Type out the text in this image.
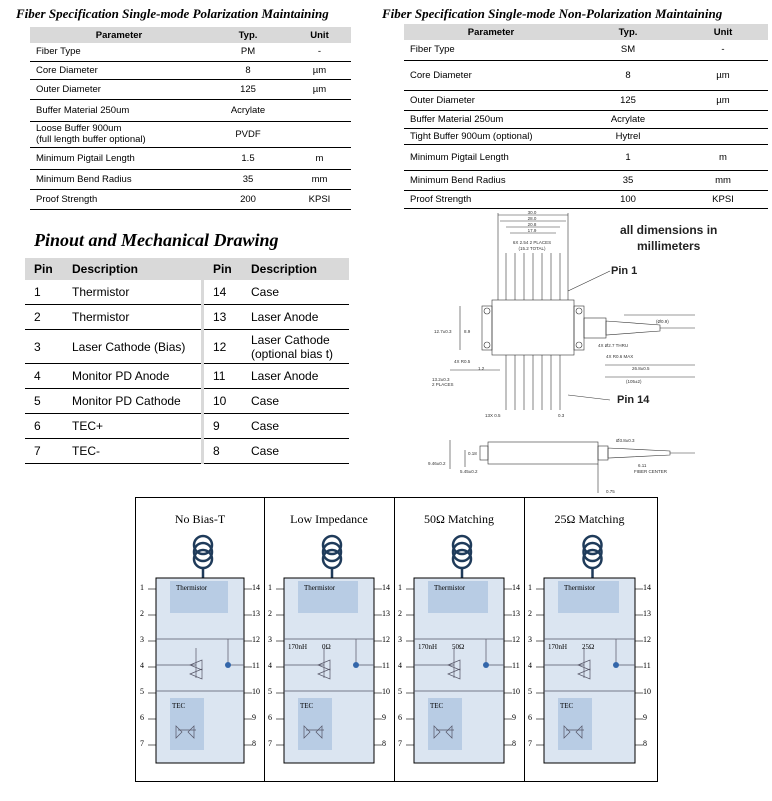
Fiber Specification Single-mode Polarization Maintaining
Parameter	Typ.	Unit

Fiber Type	PM	-

Core Diameter	8	µm

Outer Diameter	125	µm

Buffer Material 250um	Acrylate	

Loose Buffer 900um
(full length buffer optional)	PVDF	

Minimum Pigtail Length	1.5	m

Minimum Bend Radius	35	mm

Proof Strength	200	KPSI
Fiber Specification Single-mode Non-Polarization Maintaining
Parameter	Typ.	Unit

Fiber Type	SM	-

Core Diameter	8	µm

Outer Diameter	125	µm

Buffer Material 250um	Acrylate	

Tight Buffer 900um (optional)	Hytrel	

Minimum Pigtail Length	1	m

Minimum Bend Radius	35	mm

Proof Strength	100	KPSI
Pinout and Mechanical Drawing
Pin	Description		Pin	Description

1	Thermistor		14	Case

2	Thermistor		13	Laser Anode

3	Laser Cathode (Bias)		12	Laser Cathode
(optional bias t)

4	Monitor PD Anode		11	Laser Anode

5	Monitor PD Cathode		10	Case

6	TEC+		9	Case

7	TEC-		8	Case
all dimensions in
millimeters
Pin 1
Pin 14
30.0
28.0
20.8
17.9
6X 2.54 2 PLACES
(15.2 TOTAL)
12.7±0.3	8.9
4X R0.5
1.2
13.2±0.3
2 PLACES
13X 0.5	0.3
4X Ø2.7 THRU
4X R0.6 MAX
26.8±0.5
(105±2)
(Ø0.9)
Ø3.8±0.3
0.18
9.46±0.2
5.45±0.2
6.11
FIBER CENTER
0.75
No Bias-T
Thermistor
TEC
1
2
3
4
5
6
7
14
13
12
11
10
9
8
Low Impedance
Thermistor
TEC
170nH 0Ω
1
2
3
4
5
6
7
14
13
12
11
10
9
8
50Ω Matching
Thermistor
TEC
170nH 50Ω
1
2
3
4
5
6
7
14
13
12
11
10
9
8
25Ω Matching
Thermistor
TEC
170nH 25Ω
1
2
3
4
5
6
7
14
13
12
11
10
9
8
